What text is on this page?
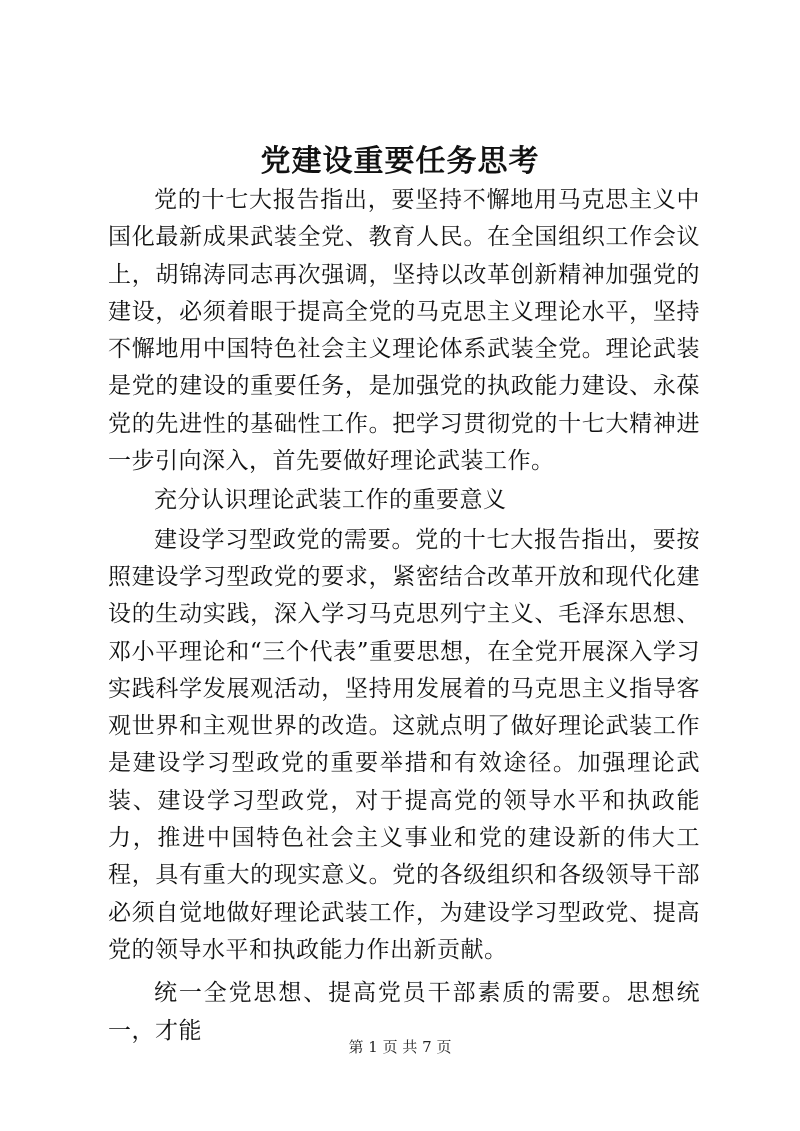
党建设重要任务思考

党的十七大报告指出，要坚持不懈地用马克思主义中国化最新成果武装全党、教育人民。在全国组织工作会议上，胡锦涛同志再次强调，坚持以改革创新精神加强党的建设，必须着眼于提高全党的马克思主义理论水平，坚持不懈地用中国特色社会主义理论体系武装全党。理论武装是党的建设的重要任务，是加强党的执政能力建设、永葆党的先进性的基础性工作。把学习贯彻党的十七大精神进一步引向深入，首先要做好理论武装工作。

充分认识理论武装工作的重要意义

建设学习型政党的需要。党的十七大报告指出，要按照建设学习型政党的要求，紧密结合改革开放和现代化建设的生动实践，深入学习马克思列宁主义、毛泽东思想、邓小平理论和“三个代表”重要思想，在全党开展深入学习实践科学发展观活动，坚持用发展着的马克思主义指导客观世界和主观世界的改造。这就点明了做好理论武装工作是建设学习型政党的重要举措和有效途径。加强理论武装、建设学习型政党，对于提高党的领导水平和执政能力，推进中国特色社会主义事业和党的建设新的伟大工程，具有重大的现实意义。党的各级组织和各级领导干部必须自觉地做好理论武装工作，为建设学习型政党、提高党的领导水平和执政能力作出新贡献。

统一全党思想、提高党员干部素质的需要。思想统一，才能

第 1 页 共 7 页
